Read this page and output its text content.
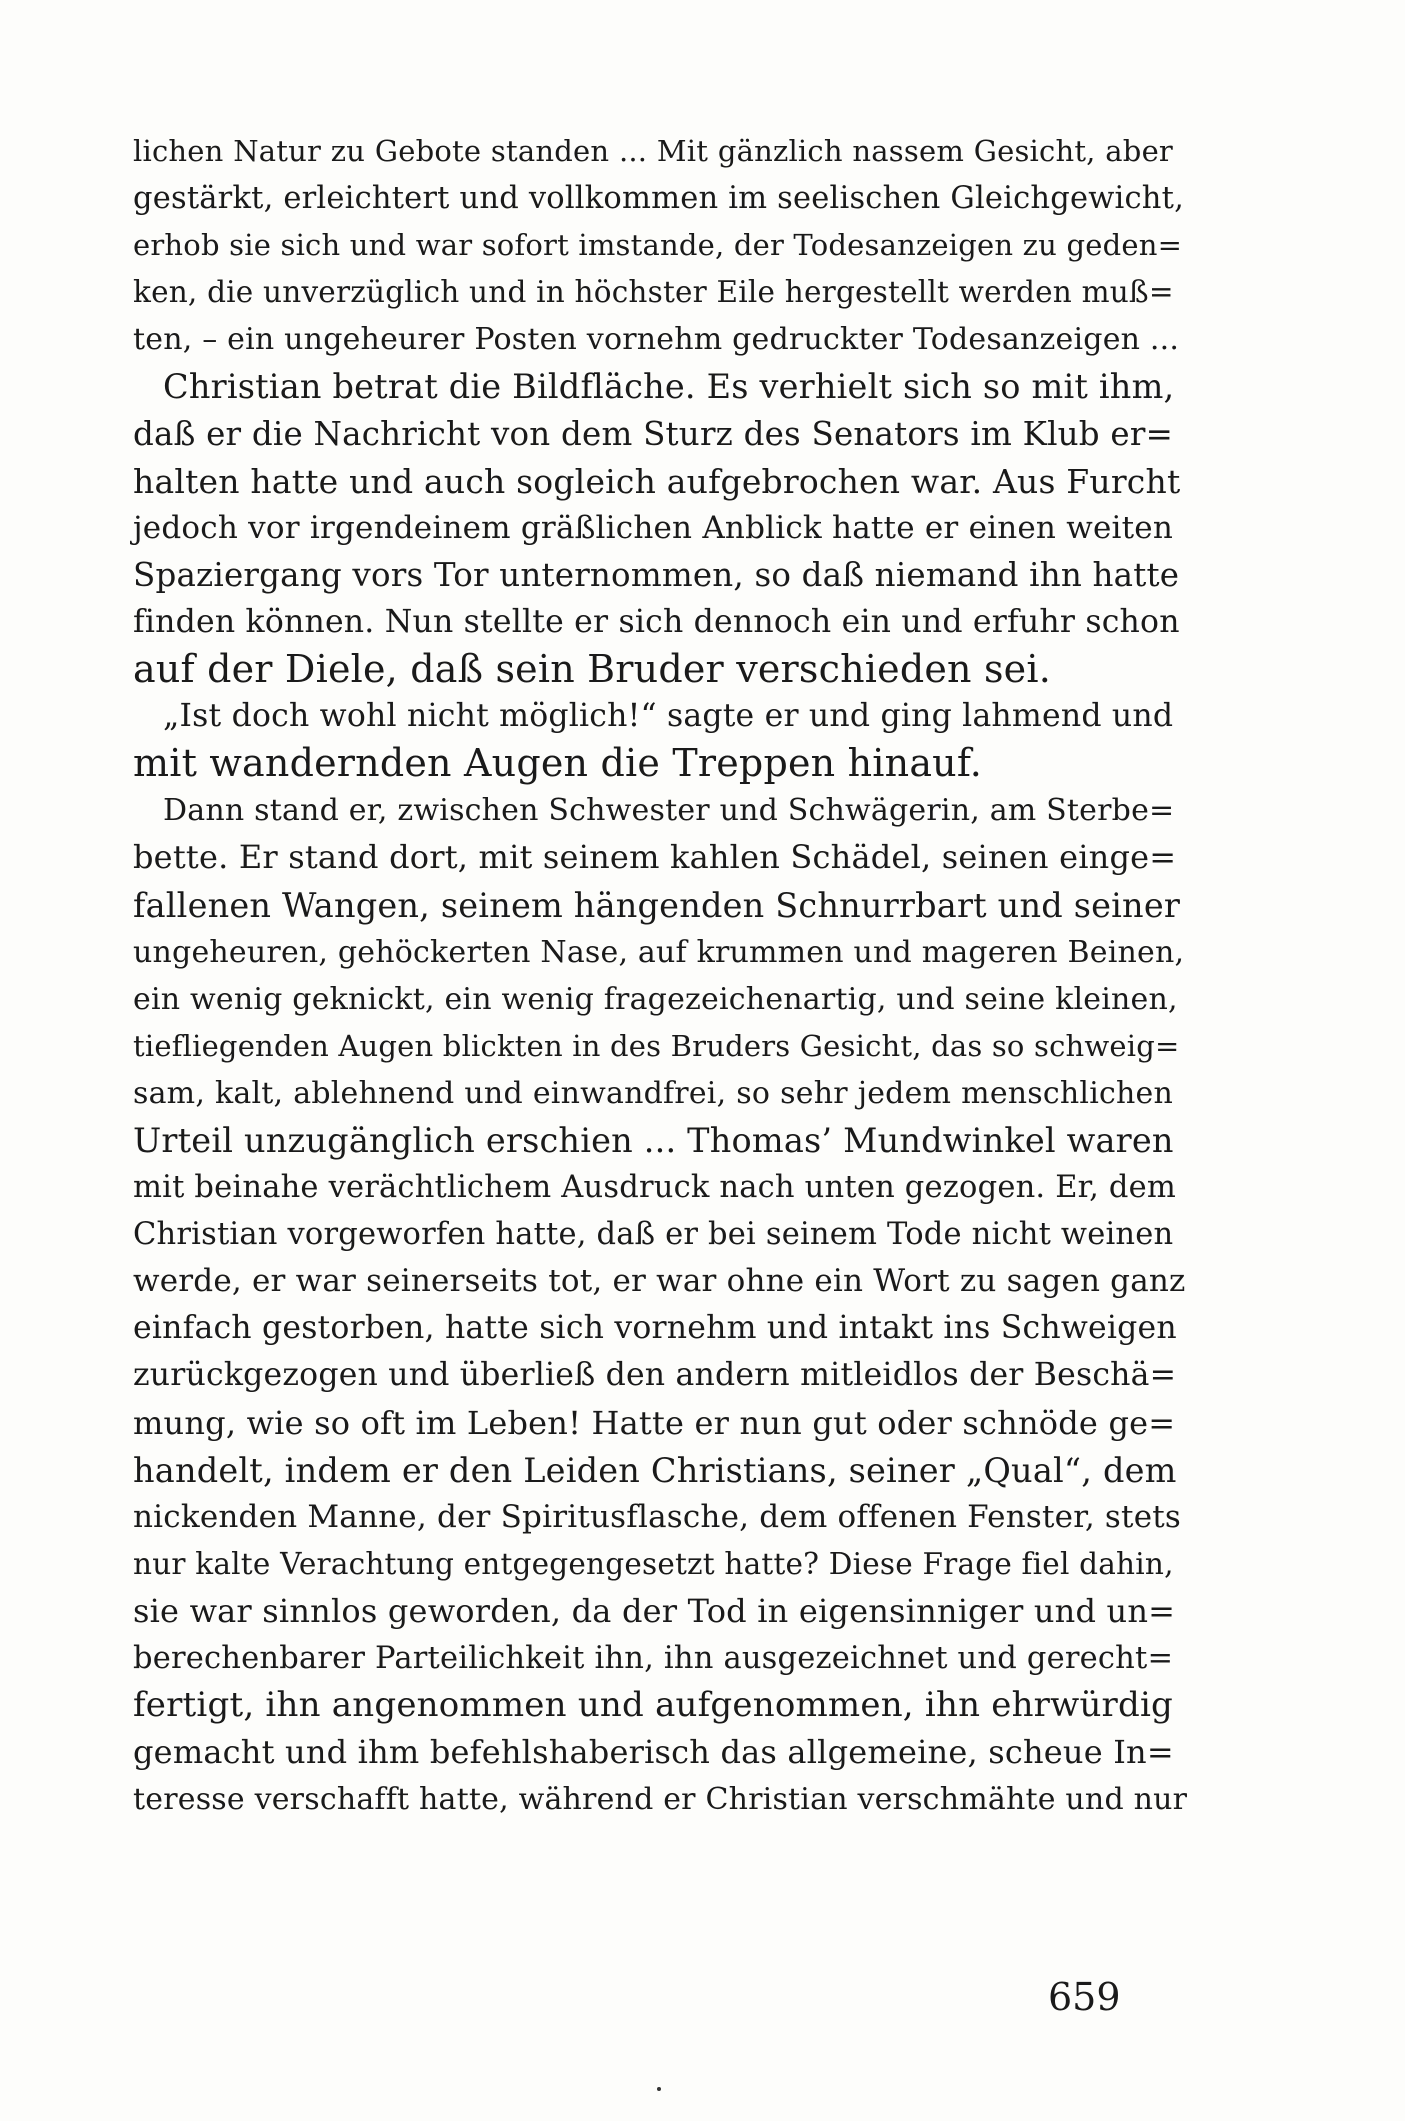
lichen Natur zu Gebote standen ... Mit gänzlich nassem Gesicht, aber
gestärkt, erleichtert und vollkommen im seelischen Gleichgewicht,
erhob sie sich und war sofort imstande, der Todesanzeigen zu geden=
ken, die unverzüglich und in höchster Eile hergestellt werden muß=
ten, – ein ungeheurer Posten vornehm gedruckter Todesanzeigen ...
Christian betrat die Bildfläche. Es verhielt sich so mit ihm,
daß er die Nachricht von dem Sturz des Senators im Klub er=
halten hatte und auch sogleich aufgebrochen war. Aus Furcht
jedoch vor irgendeinem gräßlichen Anblick hatte er einen weiten
Spaziergang vors Tor unternommen, so daß niemand ihn hatte
finden können. Nun stellte er sich dennoch ein und erfuhr schon
auf der Diele, daß sein Bruder verschieden sei.
„Ist doch wohl nicht möglich!“ sagte er und ging lahmend und
mit wandernden Augen die Treppen hinauf.
Dann stand er, zwischen Schwester und Schwägerin, am Sterbe=
bette. Er stand dort, mit seinem kahlen Schädel, seinen einge=
fallenen Wangen, seinem hängenden Schnurrbart und seiner
ungeheuren, gehöckerten Nase, auf krummen und mageren Beinen,
ein wenig geknickt, ein wenig fragezeichenartig, und seine kleinen,
tiefliegenden Augen blickten in des Bruders Gesicht, das so schweig=
sam, kalt, ablehnend und einwandfrei, so sehr jedem menschlichen
Urteil unzugänglich erschien ... Thomas’ Mundwinkel waren
mit beinahe verächtlichem Ausdruck nach unten gezogen. Er, dem
Christian vorgeworfen hatte, daß er bei seinem Tode nicht weinen
werde, er war seinerseits tot, er war ohne ein Wort zu sagen ganz
einfach gestorben, hatte sich vornehm und intakt ins Schweigen
zurückgezogen und überließ den andern mitleidlos der Beschä=
mung, wie so oft im Leben! Hatte er nun gut oder schnöde ge=
handelt, indem er den Leiden Christians, seiner „Qual“, dem
nickenden Manne, der Spiritusflasche, dem offenen Fenster, stets
nur kalte Verachtung entgegengesetzt hatte? Diese Frage fiel dahin,
sie war sinnlos geworden, da der Tod in eigensinniger und un=
berechenbarer Parteilichkeit ihn, ihn ausgezeichnet und gerecht=
fertigt, ihn angenommen und aufgenommen, ihn ehrwürdig
gemacht und ihm befehlshaberisch das allgemeine, scheue In=
teresse verschafft hatte, während er Christian verschmähte und nur
659
